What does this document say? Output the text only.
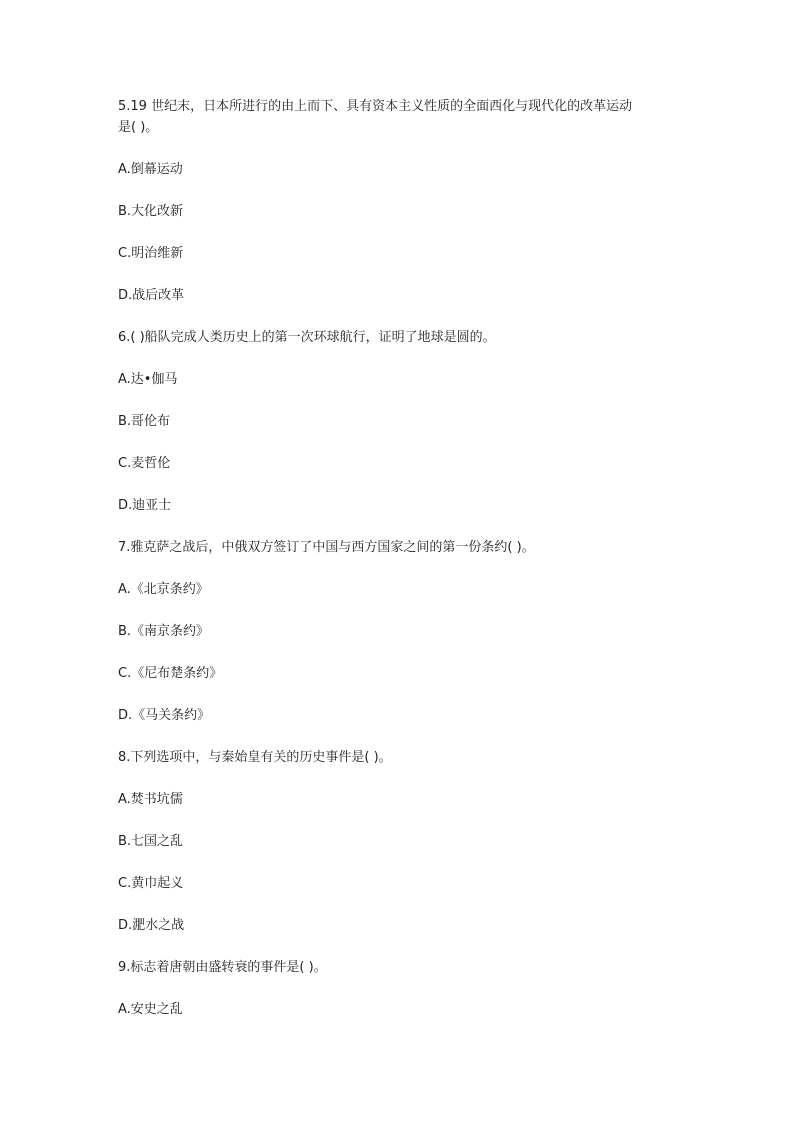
5.19 世纪末，日本所进行的由上而下、具有资本主义性质的全面西化与现代化的改革运动
是( )。

A.倒幕运动

B.大化改新

C.明治维新

D.战后改革

6.( )船队完成人类历史上的第一次环球航行，证明了地球是圆的。

A.达•伽马

B.哥伦布

C.麦哲伦

D.迪亚士

7.雅克萨之战后，中俄双方签订了中国与西方国家之间的第一份条约( )。

A.《北京条约》

B.《南京条约》

C.《尼布楚条约》

D.《马关条约》

8.下列选项中，与秦始皇有关的历史事件是( )。

A.焚书坑儒

B.七国之乱

C.黄巾起义

D.淝水之战

9.标志着唐朝由盛转衰的事件是( )。

A.安史之乱
